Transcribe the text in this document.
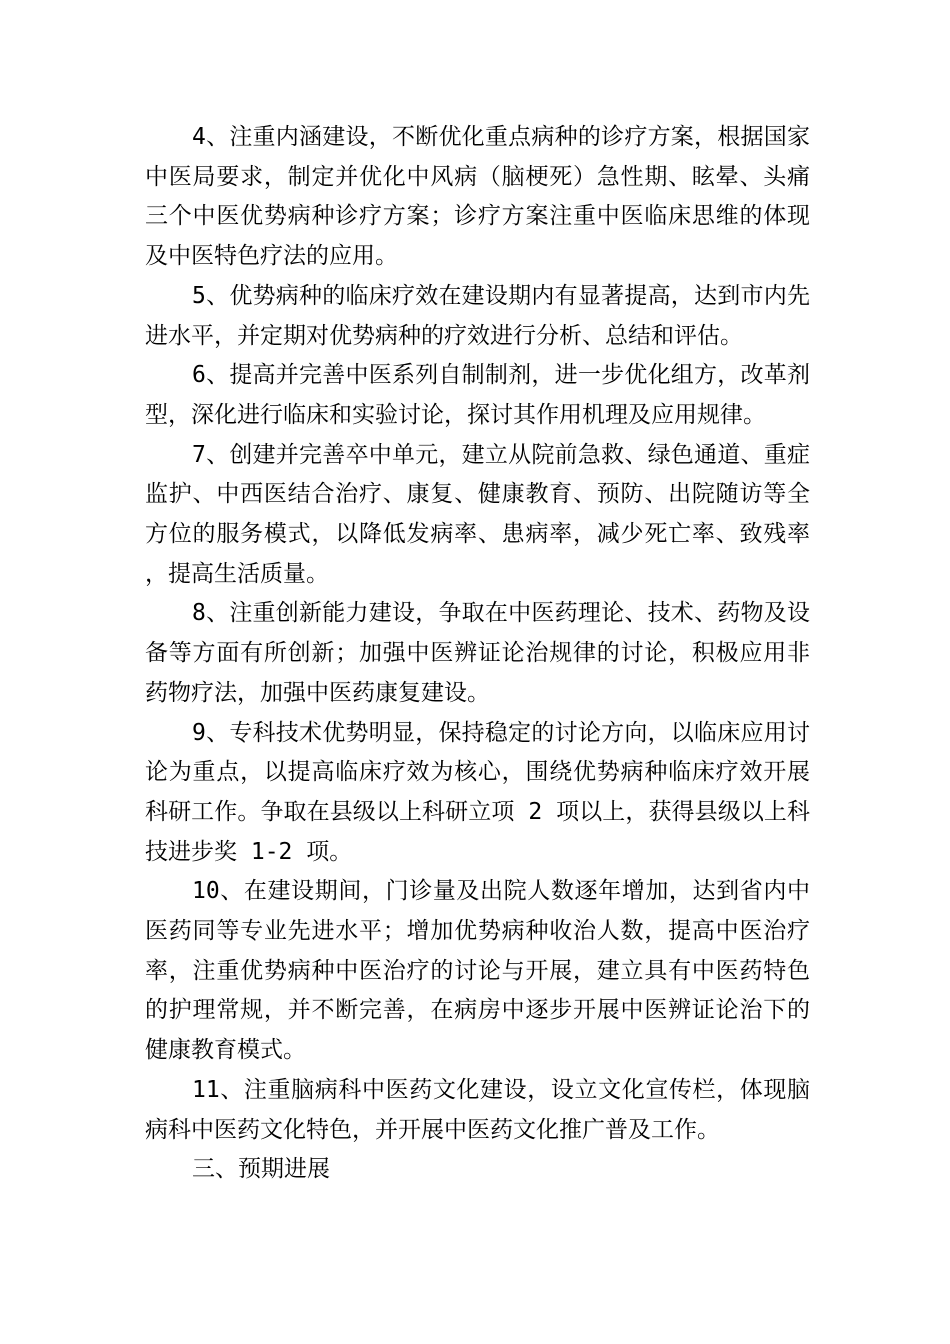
4、注重内涵建设，不断优化重点病种的诊疗方案，根据国家中医局要求，制定并优化中风病（脑梗死）急性期、眩晕、头痛三个中医优势病种诊疗方案；诊疗方案注重中医临床思维的体现及中医特色疗法的应用。

5、优势病种的临床疗效在建设期内有显著提高，达到市内先进水平，并定期对优势病种的疗效进行分析、总结和评估。

6、提高并完善中医系列自制制剂，进一步优化组方，改革剂型，深化进行临床和实验讨论，探讨其作用机理及应用规律。

7、创建并完善卒中单元，建立从院前急救、绿色通道、重症监护、中西医结合治疗、康复、健康教育、预防、出院随访等全方位的服务模式，以降低发病率、患病率，减少死亡率、致残率，提高生活质量。

8、注重创新能力建设，争取在中医药理论、技术、药物及设备等方面有所创新；加强中医辨证论治规律的讨论，积极应用非药物疗法，加强中医药康复建设。

9、专科技术优势明显，保持稳定的讨论方向，以临床应用讨论为重点，以提高临床疗效为核心，围绕优势病种临床疗效开展科研工作。争取在县级以上科研立项 2 项以上，获得县级以上科技进步奖 1-2 项。

10、在建设期间，门诊量及出院人数逐年增加，达到省内中医药同等专业先进水平；增加优势病种收治人数，提高中医治疗率，注重优势病种中医治疗的讨论与开展，建立具有中医药特色的护理常规，并不断完善，在病房中逐步开展中医辨证论治下的健康教育模式。

11、注重脑病科中医药文化建设，设立文化宣传栏，体现脑病科中医药文化特色，并开展中医药文化推广普及工作。

三、预期进展
